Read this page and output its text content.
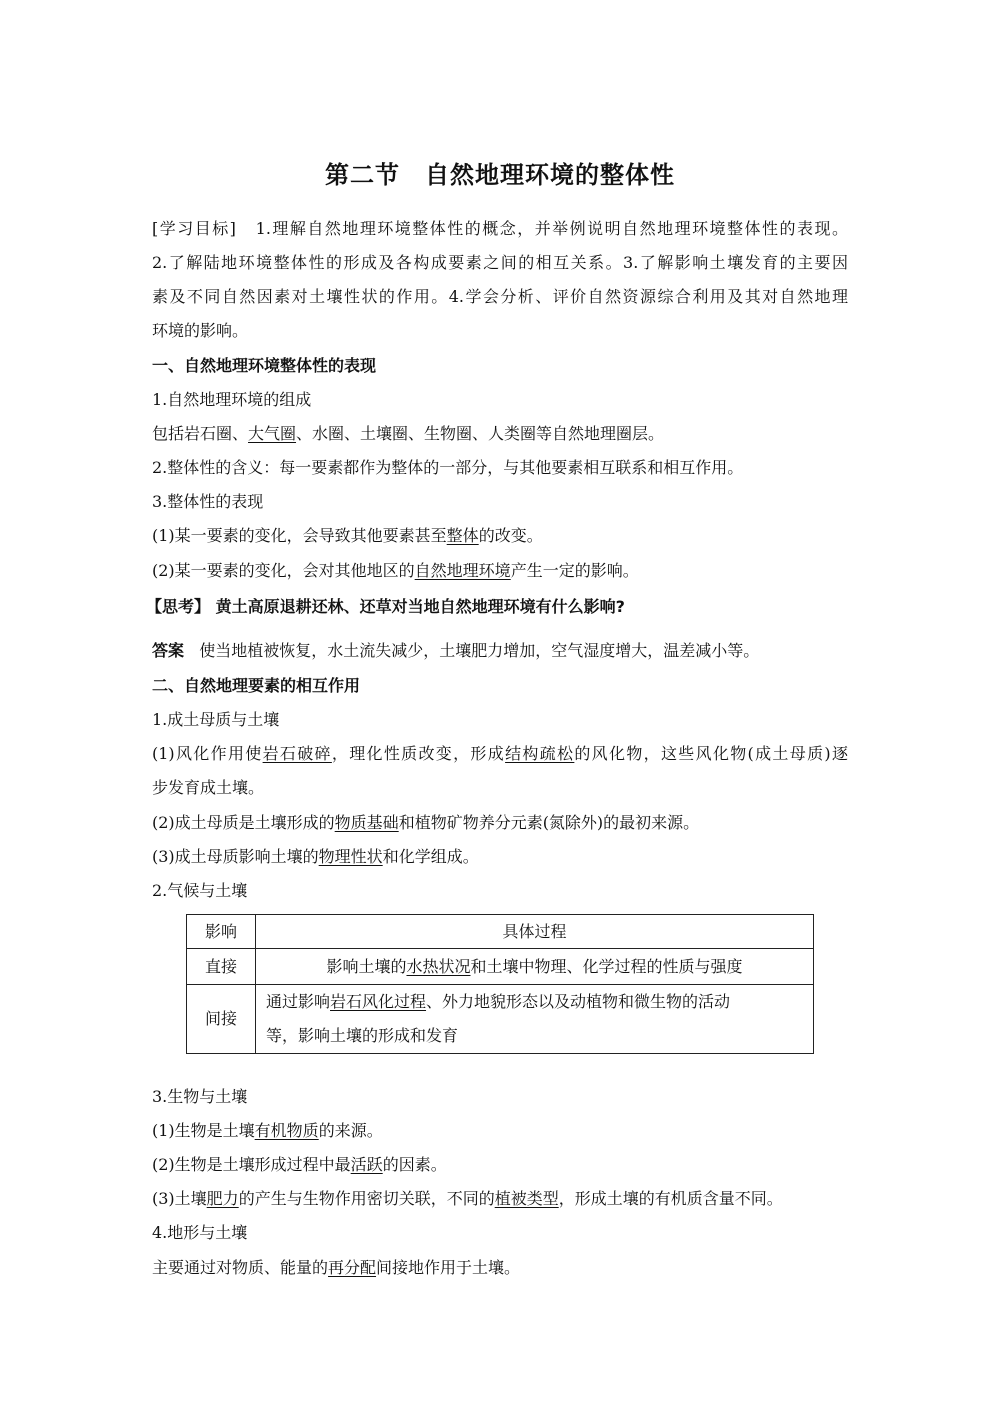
第二节　自然地理环境的整体性
[学习目标] 1.理解自然地理环境整体性的概念，并举例说明自然地理环境整体性的表现。
2.了解陆地环境整体性的形成及各构成要素之间的相互关系。3.了解影响土壤发育的主要因
素及不同自然因素对土壤性状的作用。4.学会分析、评价自然资源综合利用及其对自然地理
环境的影响。
一、自然地理环境整体性的表现
1.自然地理环境的组成
包括岩石圈、大气圈、水圈、土壤圈、生物圈、人类圈等自然地理圈层。
2.整体性的含义：每一要素都作为整体的一部分，与其他要素相互联系和相互作用。
3.整体性的表现
(1)某一要素的变化，会导致其他要素甚至整体的改变。
(2)某一要素的变化，会对其他地区的自然地理环境产生一定的影响。
【思考】 黄土高原退耕还林、还草对当地自然地理环境有什么影响?
答案 使当地植被恢复，水土流失减少，土壤肥力增加，空气湿度增大，温差减小等。
二、自然地理要素的相互作用
1.成土母质与土壤
(1)风化作用使岩石破碎，理化性质改变，形成结构疏松的风化物，这些风化物(成土母质)逐
步发育成土壤。
(2)成土母质是土壤形成的物质基础和植物矿物养分元素(氮除外)的最初来源。
(3)成土母质影响土壤的物理性状和化学组成。
2.气候与土壤
影响	具体过程
直接	影响土壤的水热状况和土壤中物理、化学过程的性质与强度
间接	通过影响岩石风化过程、外力地貌形态以及动植物和微生物的活动
等，影响土壤的形成和发育
3.生物与土壤
(1)生物是土壤有机物质的来源。
(2)生物是土壤形成过程中最活跃的因素。
(3)土壤肥力的产生与生物作用密切关联，不同的植被类型，形成土壤的有机质含量不同。
4.地形与土壤
主要通过对物质、能量的再分配间接地作用于土壤。
